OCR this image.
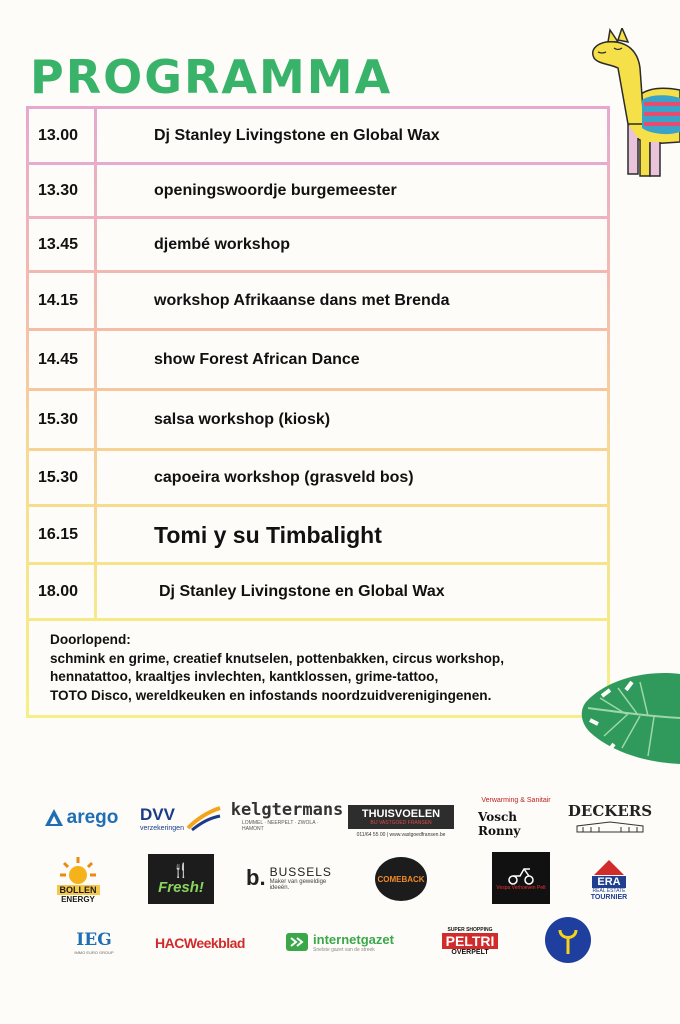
PROGRAMMA
13.00	Dj Stanley Livingstone en Global Wax
13.30	openingswoordje burgemeester
13.45	djembé workshop
14.15	workshop Afrikaanse dans met Brenda
14.45	show Forest African Dance
15.30	salsa workshop (kiosk)
15.30	capoeira workshop (grasveld bos)
16.15	Tomi y su Timbalight
18.00	Dj Stanley Livingstone en Global Wax
Doorlopend:
schmink en grime, creatief knutselen, pottenbakken, circus workshop,
hennatattoo, kraaltjes invlechten, kantklossen, grime-tattoo,
TOTO Disco, wereldkeuken en infostands noordzuidverenigingenen.
arego DVV
verzekeringen
kelgtermans
LOMMEL · NEERPELT · ZWOLA · HAMONT
THUISVOELEN
BIJ VASTGOED FRANSEN
011/64 55 00 | www.vastgoedfransen.be
Verwarming & Sanitair
Vosch Ronny
DECKERS
BOLLEN
ENERGY
🍴
Fresh! b. BUSSELS
Maker van geweldige ideeën.
COMEBACK
Vespa Verhoeven Pelt
ERA
REAL ESTATE
TOURNIER
IEG
IMMO EURO GROUP
HACWeekblad	internetgazet
Snelste gazet van de streek
SUPER SHOPPING
PELTRI
OVERPELT
